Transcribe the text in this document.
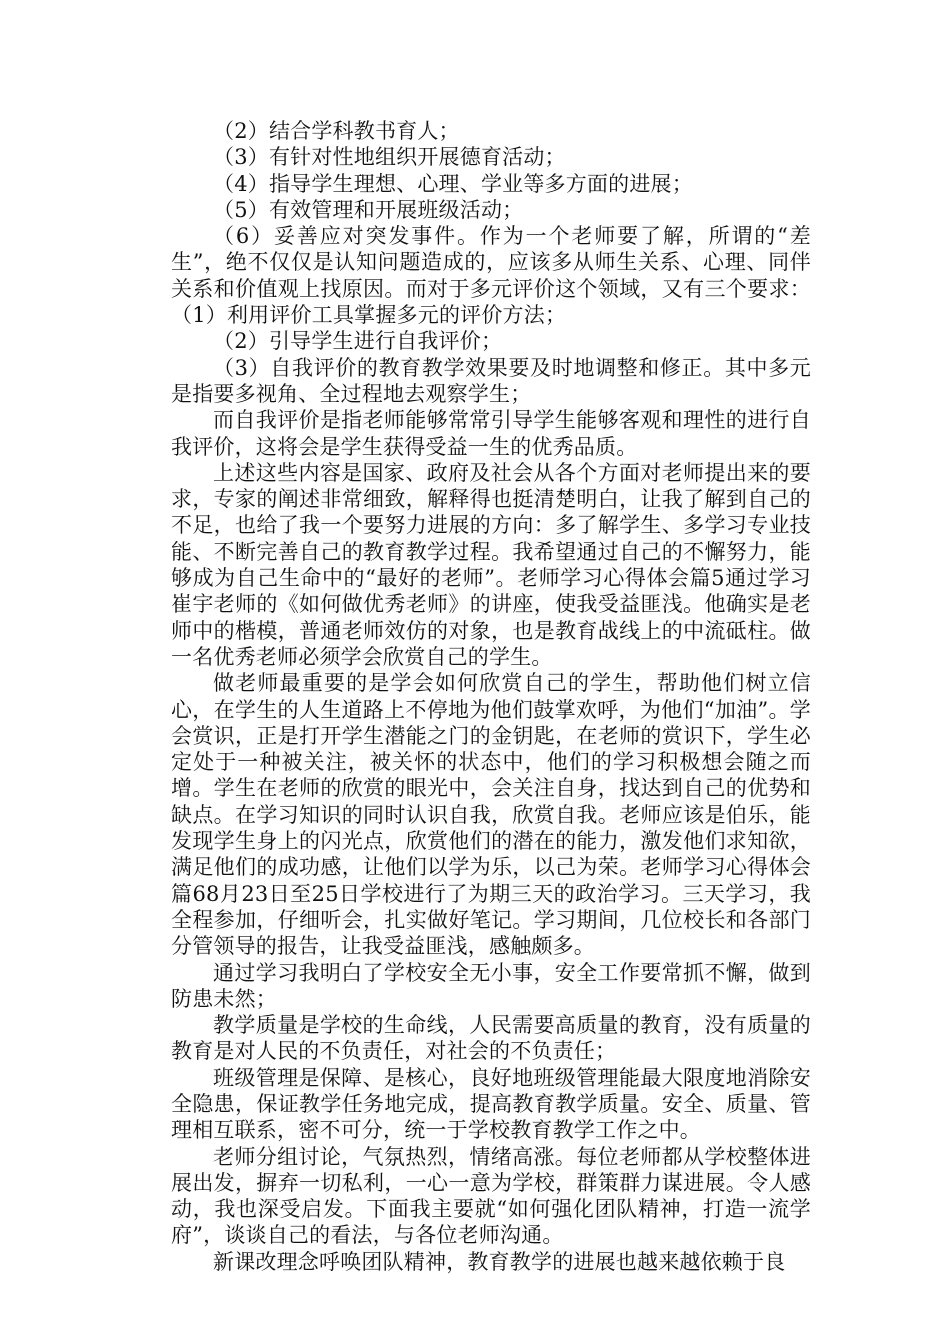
（2）结合学科教书育人；

（3）有针对性地组织开展德育活动；

（4）指导学生理想、心理、学业等多方面的进展；

（5）有效管理和开展班级活动；

（6）妥善应对突发事件。作为一个老师要了解，所谓的“差生”，绝不仅仅是认知问题造成的，应该多从师生关系、心理、同伴关系和价值观上找原因。而对于多元评价这个领域，又有三个要求：（1）利用评价工具掌握多元的评价方法；

（2）引导学生进行自我评价；

（3）自我评价的教育教学效果要及时地调整和修正。其中多元是指要多视角、全过程地去观察学生；

而自我评价是指老师能够常常引导学生能够客观和理性的进行自我评价，这将会是学生获得受益一生的优秀品质。

上述这些内容是国家、政府及社会从各个方面对老师提出来的要求，专家的阐述非常细致，解释得也挺清楚明白，让我了解到自己的不足，也给了我一个要努力进展的方向：多了解学生、多学习专业技能、不断完善自己的教育教学过程。我希望通过自己的不懈努力，能够成为自己生命中的“最好的老师”。老师学习心得体会篇5通过学习崔宇老师的《如何做优秀老师》的讲座，使我受益匪浅。他确实是老师中的楷模，普通老师效仿的对象，也是教育战线上的中流砥柱。做一名优秀老师必须学会欣赏自己的学生。

做老师最重要的是学会如何欣赏自己的学生，帮助他们树立信心，在学生的人生道路上不停地为他们鼓掌欢呼，为他们“加油”。学会赏识，正是打开学生潜能之门的金钥匙，在老师的赏识下，学生必定处于一种被关注，被关怀的状态中，他们的学习积极想会随之而增。学生在老师的欣赏的眼光中，会关注自身，找达到自己的优势和缺点。在学习知识的同时认识自我，欣赏自我。老师应该是伯乐，能发现学生身上的闪光点，欣赏他们的潜在的能力，激发他们求知欲，满足他们的成功感，让他们以学为乐，以己为荣。老师学习心得体会 篇68月23日至25日学校进行了为期三天的政治学习。三天学习，我全程参加，仔细听会，扎实做好笔记。学习期间，几位校长和各部门分管领导的报告，让我受益匪浅，感触颇多。

通过学习我明白了学校安全无小事，安全工作要常抓不懈，做到防患未然；

教学质量是学校的生命线，人民需要高质量的教育，没有质量的教育是对人民的不负责任，对社会的不负责任；

班级管理是保障、是核心，良好地班级管理能最大限度地消除安全隐患，保证教学任务地完成，提高教育教学质量。安全、质量、管理相互联系，密不可分，统一于学校教育教学工作之中。

老师分组讨论，气氛热烈，情绪高涨。每位老师都从学校整体进展出发，摒弃一切私利，一心一意为学校，群策群力谋进展。令人感动，我也深受启发。下面我主要就“如何强化团队精神，打造一流学府”，谈谈自己的看法，与各位老师沟通。

新课改理念呼唤团队精神，教育教学的进展也越来越依赖于良
